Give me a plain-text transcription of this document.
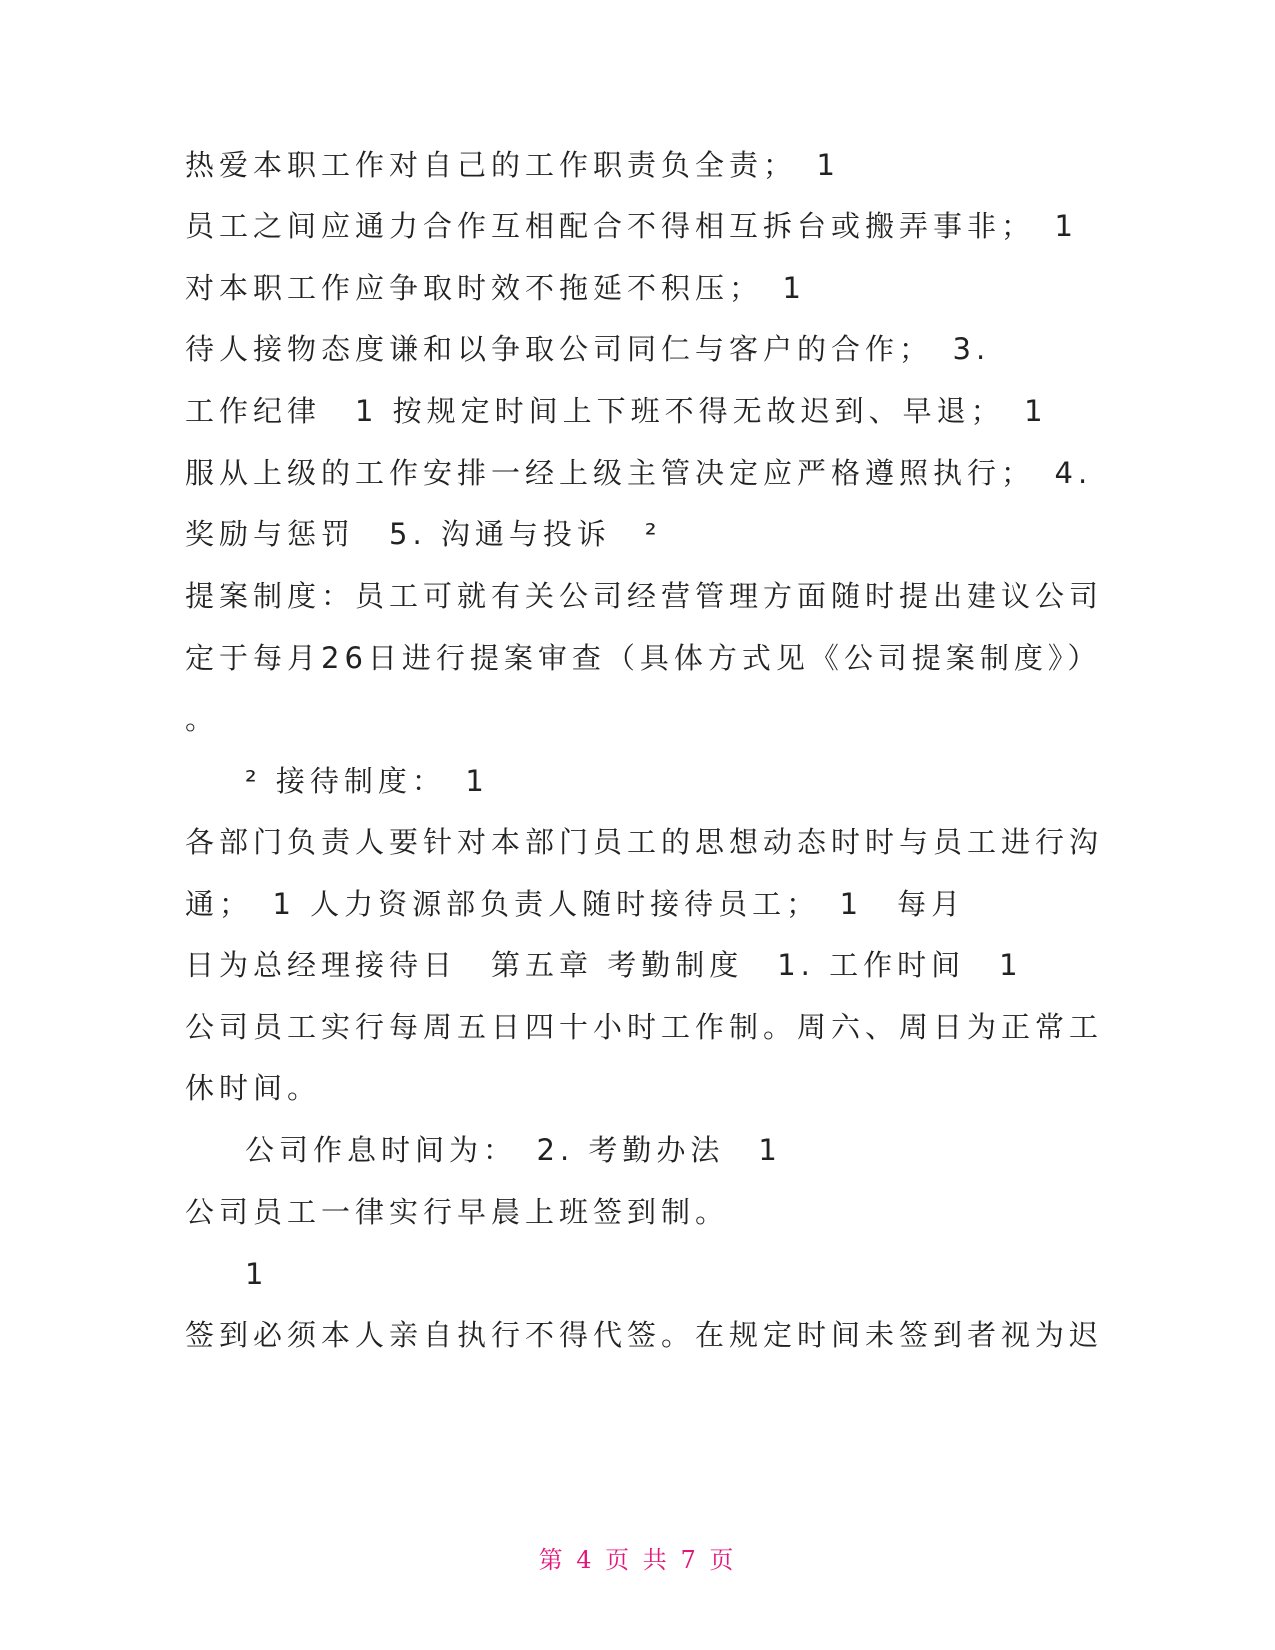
热爱本职工作对自己的工作职责负全责；　1
员工之间应通力合作互相配合不得相互拆台或搬弄事非；　1
对本职工作应争取时效不拖延不积压；　1
待人接物态度谦和以争取公司同仁与客户的合作；　3.
工作纪律　1 按规定时间上下班不得无故迟到、早退；　1
服从上级的工作安排一经上级主管决定应严格遵照执行；　4.
奖励与惩罚　5. 沟通与投诉　²
提案制度：员工可就有关公司经营管理方面随时提出建议公司
定于每月26日进行提案审查（具体方式见《公司提案制度》）
。
² 接待制度：　1
各部门负责人要针对本部门员工的思想动态时时与员工进行沟
通；　1 人力资源部负责人随时接待员工；　1　每月
日为总经理接待日　第五章 考勤制度　1. 工作时间　1
公司员工实行每周五日四十小时工作制。周六、周日为正常工
休时间。
公司作息时间为：　2. 考勤办法　1
公司员工一律实行早晨上班签到制。
1
签到必须本人亲自执行不得代签。在规定时间未签到者视为迟
第 4 页 共 7 页
